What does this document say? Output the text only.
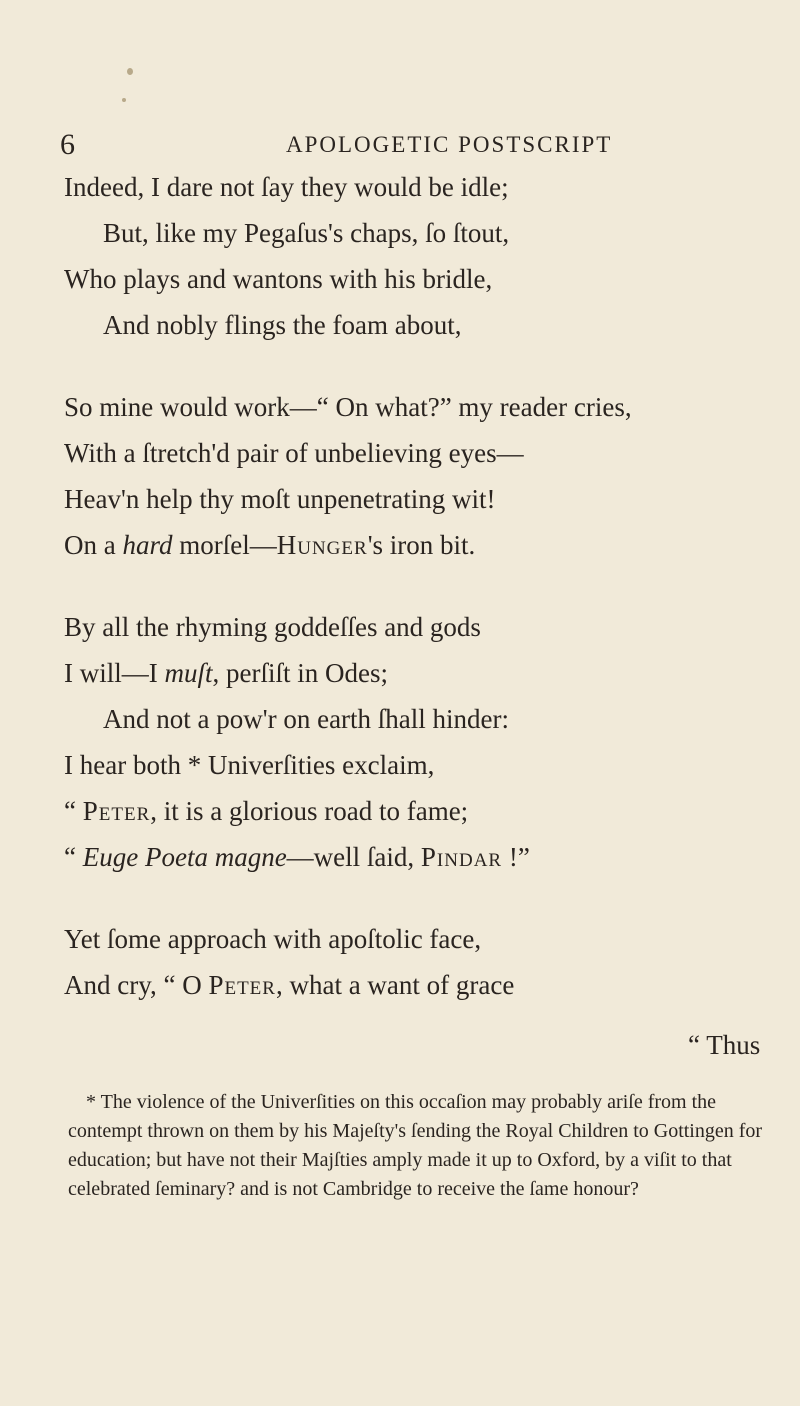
6	APOLOGETIC POSTSCRIPT
Indeed, I dare not ſay they would be idle;
But, like my Pegaſus's chaps, ſo ſtout,
Who plays and wantons with his bridle,
And nobly flings the foam about,
So mine would work—“ On what?” my reader cries,
With a ſtretch'd pair of unbelieving eyes—
Heav'n help thy moſt unpenetrating wit!
On a hard morſel—Hunger's iron bit.
By all the rhyming goddeſſes and gods
I will—I muſt, perſiſt in Odes;
And not a pow'r on earth ſhall hinder:
I hear both * Univerſities exclaim,
“ Peter, it is a glorious road to fame;
“ Euge Poeta magne—well ſaid, Pindar !”
Yet ſome approach with apoſtolic face,
And cry, “ O Peter, what a want of grace
“ Thus

* The violence of the Univerſities on this occaſion may probably ariſe from the contempt thrown on them by his Majeſty's ſending the Royal Children to Gottingen for education; but have not their Majſties amply made it up to Oxford, by a viſit to that celebrated ſeminary? and is not Cambridge to receive the ſame honour?
